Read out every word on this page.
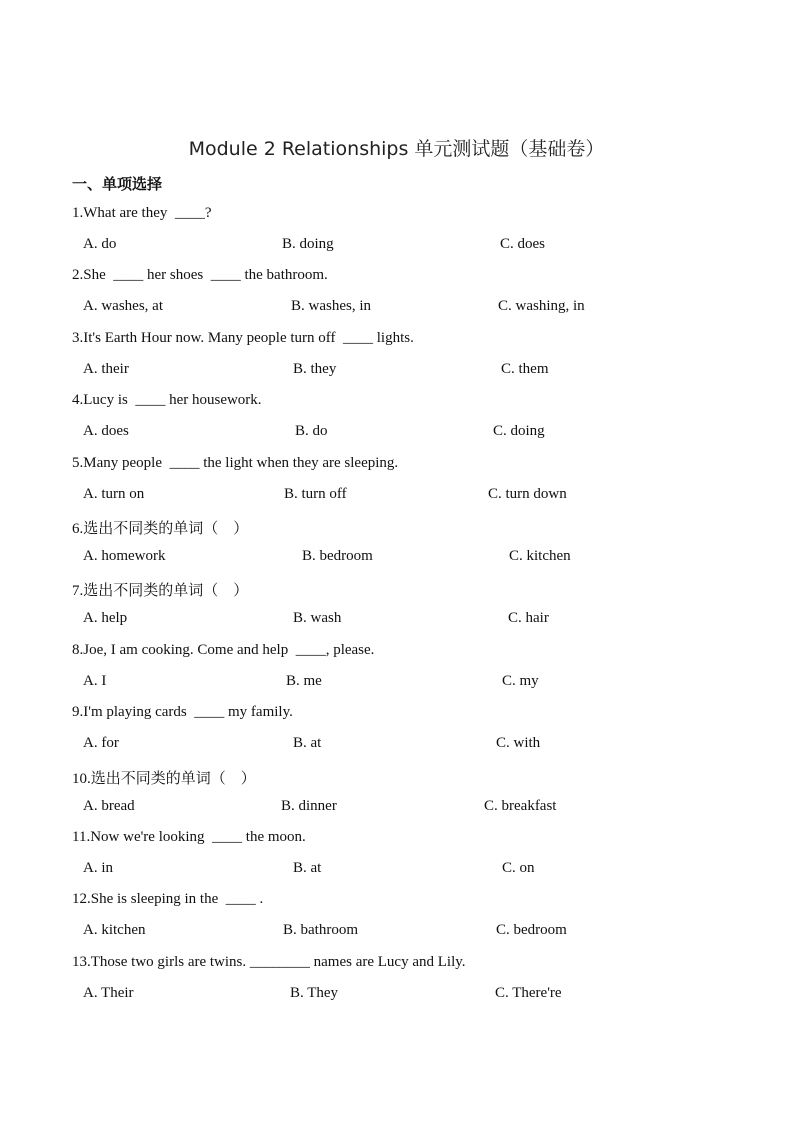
Module 2 Relationships 单元测试题（基础卷）
一、单项选择
1.What are they  ____?
A. do	B. doing	C. does
2.She  ____ her shoes  ____ the bathroom.
A. washes, at	B. washes, in	C. washing, in
3.It's Earth Hour now. Many people turn off  ____ lights.
A. their	B. they	C. them
4.Lucy is  ____ her housework.
A. does	B. do	C. doing
5.Many people  ____ the light when they are sleeping.
A. turn on	B. turn off	C. turn down
6.选出不同类的单词（    ）
A. homework	B. bedroom	C. kitchen
7.选出不同类的单词（    ）
A. help	B. wash	C. hair
8.Joe, I am cooking. Come and help  ____, please.
A. I	B. me	C. my
9.I'm playing cards  ____ my family.
A. for	B. at	C. with
10.选出不同类的单词（    ）
A. bread	B. dinner	C. breakfast
11.Now we're looking  ____ the moon.
A. in	B. at	C. on
12.She is sleeping in the  ____ .
A. kitchen	B. bathroom	C. bedroom
13.Those two girls are twins. ________ names are Lucy and Lily.
A. Their	B. They	C. There're
